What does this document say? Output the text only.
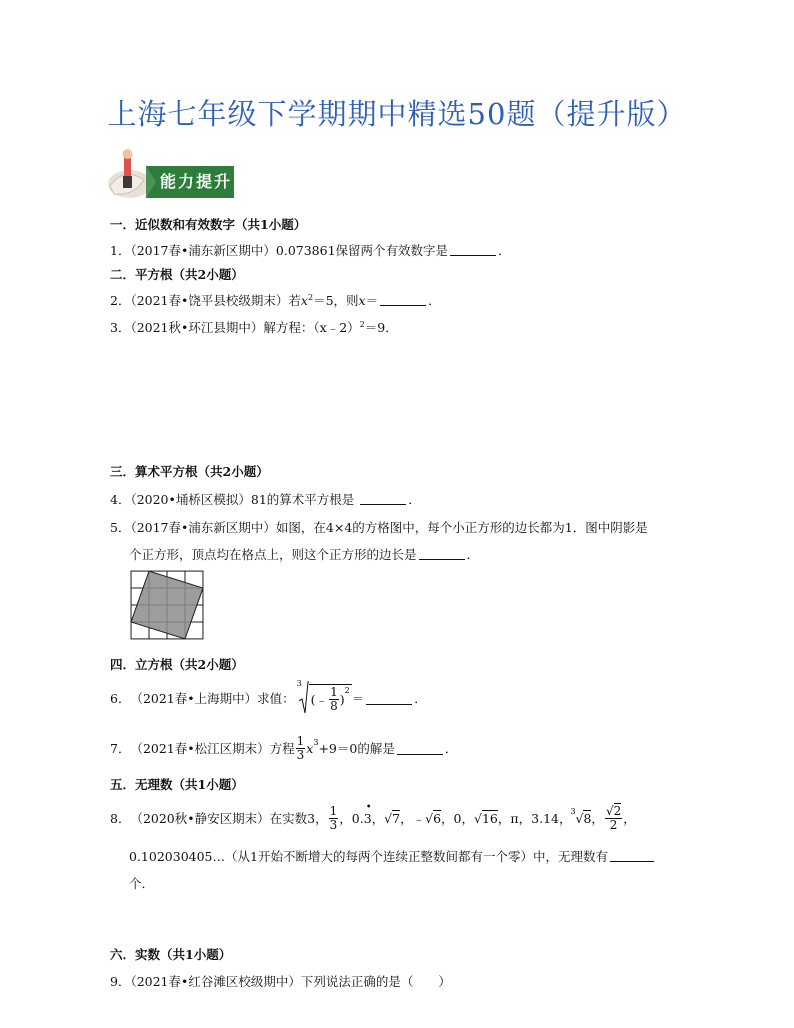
上海七年级下学期期中精选50题（提升版）
能力提升
一．近似数和有效数字（共1小题）
1．（2017春•浦东新区期中）0.073861保留两个有效数字是	．
二．平方根（共2小题）
2．（2021春•饶平县校级期末）若$x^2=5$，则x＝	．
3．（2021秋•环江县期中）解方程：（x﹣2）$^2$＝9．
三．算术平方根（共2小题）
4．（2020•埇桥区模拟）81的算术平方根是	．
5．（2017春•浦东新区期中）如图，在4×4的方格图中，每个小正方形的边长都为1．图中阴影是
个正方形，顶点均在格点上，则这个正方形的边长是	．
四．立方根（共2小题）
6． （2021春•上海期中） 求值：
3
( ﹣ $\frac{1}{8}$ )
2
＝	．
7． （2021春•松江区期末） 方程 $\frac{1}{3}$ x 3 +9＝0的解是	．
五．无理数（共1小题）
8． （2020秋•静安区期末） 在实数3， $\frac{1}{3}$ ， 0.
•
3 ， √ 7 ， ﹣ √ 6 ， 0 ， √ 16 ， π ， 3.14 ， 3 √ 8 ， $\frac{√2}{2}$ ，
0.102030405…（从1开始不断增大的每两个连续正整数间都有一个零）中，无理数有
个．
六．实数（共1小题）
9．（2021春•红谷滩区校级期中）下列说法正确的是（　　）
